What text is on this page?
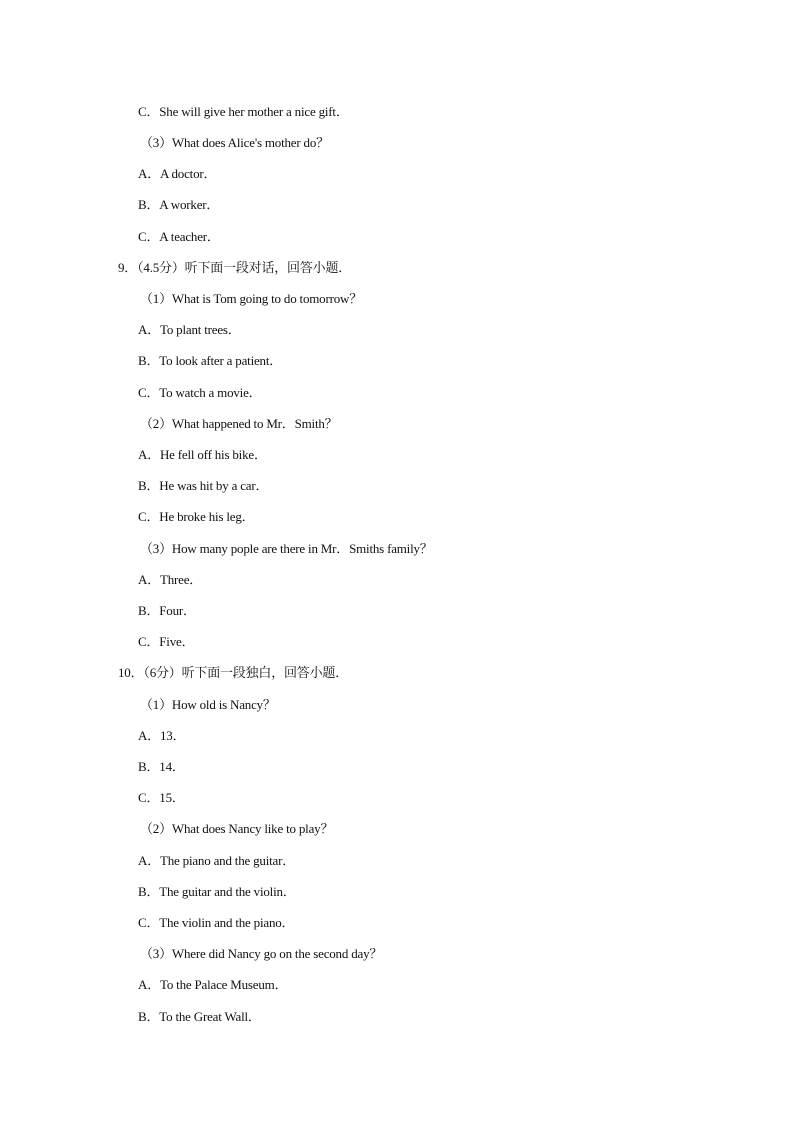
C．She will give her mother a nice gift．
（3）What does Alice's mother do？
A．A doctor．
B．A worker．
C．A teacher．
9．（4.5分）听下面一段对话，回答小题．
（1）What is Tom going to do tomorrow？
A．To plant trees．
B．To look after a patient．
C．To watch a movie．
（2）What happened to Mr．Smith？
A．He fell off his bike．
B．He was hit by a car．
C．He broke his leg．
（3）How many pople are there in Mr．Smiths family？
A．Three．
B．Four．
C．Five．
10．（6分）听下面一段独白，回答小题．
（1）How old is Nancy？
A．13．
B．14．
C．15．
（2）What does Nancy like to play？
A．The piano and the guitar．
B．The guitar and the violin．
C．The violin and the piano．
（3）Where did Nancy go on the second day？
A．To the Palace Museum．
B．To the Great Wall．
